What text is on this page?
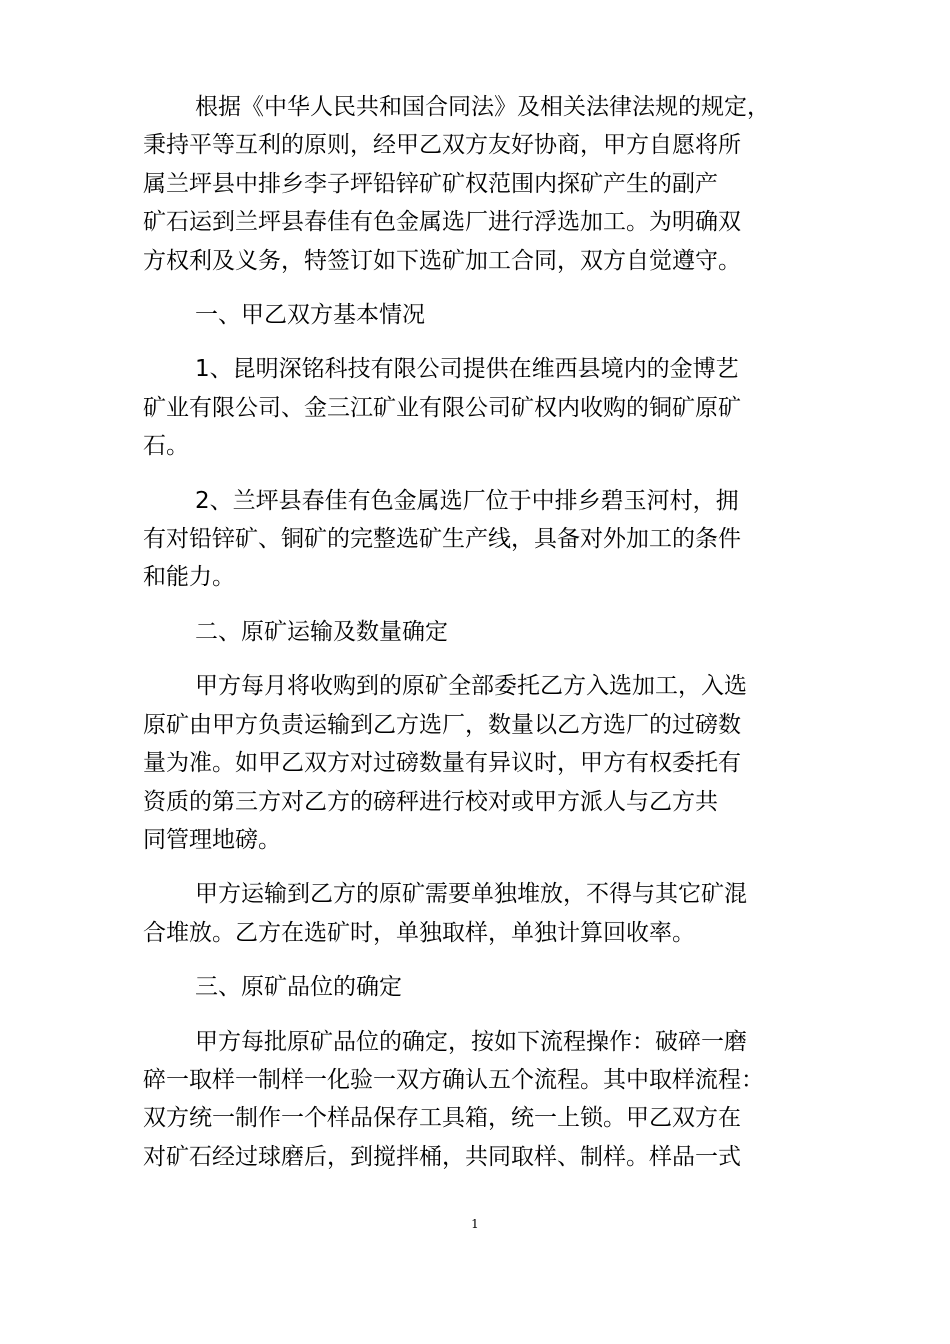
根据《中华人民共和国合同法》及相关法律法规的规定，
秉持平等互利的原则，经甲乙双方友好协商，甲方自愿将所
属兰坪县中排乡李子坪铅锌矿矿权范围内探矿产生的副产
矿石运到兰坪县春佳有色金属选厂进行浮选加工。为明确双
方权利及义务，特签订如下选矿加工合同，双方自觉遵守。

一、甲乙双方基本情况

1、昆明深铭科技有限公司提供在维西县境内的金博艺
矿业有限公司、金三江矿业有限公司矿权内收购的铜矿原矿
石。

2、兰坪县春佳有色金属选厂位于中排乡碧玉河村，拥
有对铅锌矿、铜矿的完整选矿生产线，具备对外加工的条件
和能力。

二、原矿运输及数量确定

甲方每月将收购到的原矿全部委托乙方入选加工，入选
原矿由甲方负责运输到乙方选厂，数量以乙方选厂的过磅数
量为准。如甲乙双方对过磅数量有异议时，甲方有权委托有
资质的第三方对乙方的磅秤进行校对或甲方派人与乙方共
同管理地磅。

甲方运输到乙方的原矿需要单独堆放，不得与其它矿混
合堆放。乙方在选矿时，单独取样，单独计算回收率。

三、原矿品位的确定

甲方每批原矿品位的确定，按如下流程操作：破碎一磨
碎一取样一制样一化验一双方确认五个流程。其中取样流程：
双方统一制作一个样品保存工具箱，统一上锁。甲乙双方在
对矿石经过球磨后，到搅拌桶，共同取样、制样。样品一式

1
